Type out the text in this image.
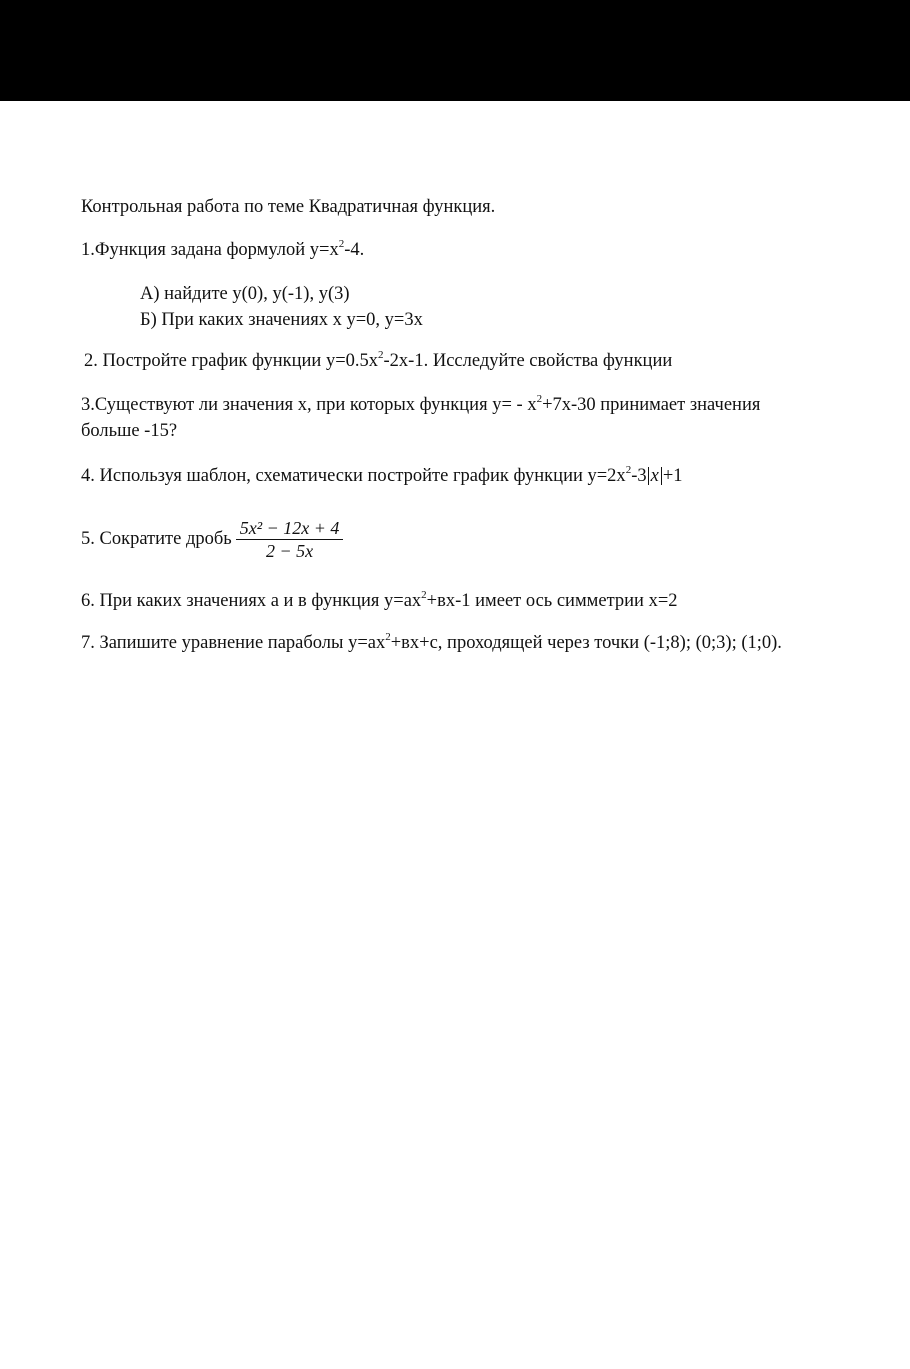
Контрольная работа по теме Квадратичная функция.
1.Функция задана формулой $y=x^2-4$.
А) найдите y(0), y(-1), y(3)
Б) При каких значениях х y=0, y=3x
2. Постройте график функции $y=0.5x^2-2x-1$. Исследуйте свойства функции
3.Существуют ли значения х, при которых функция $y= - x^2+7x-30$ принимает значения
больше -15?
4. Используя шаблон, схематически постройте график функции $y=2x^2-3$ x +1
5. Сократите дробь $\frac{\text{5x² − 12x + 4}}{2 - 5x}$
6. При каких значениях а и в функция $y=ax^2+вx-1$ имеет ось симметрии х=2
7. Запишите уравнение параболы $y=ax^2+вx+c$, проходящей через точки (-1;8); (0;3); (1;0).
